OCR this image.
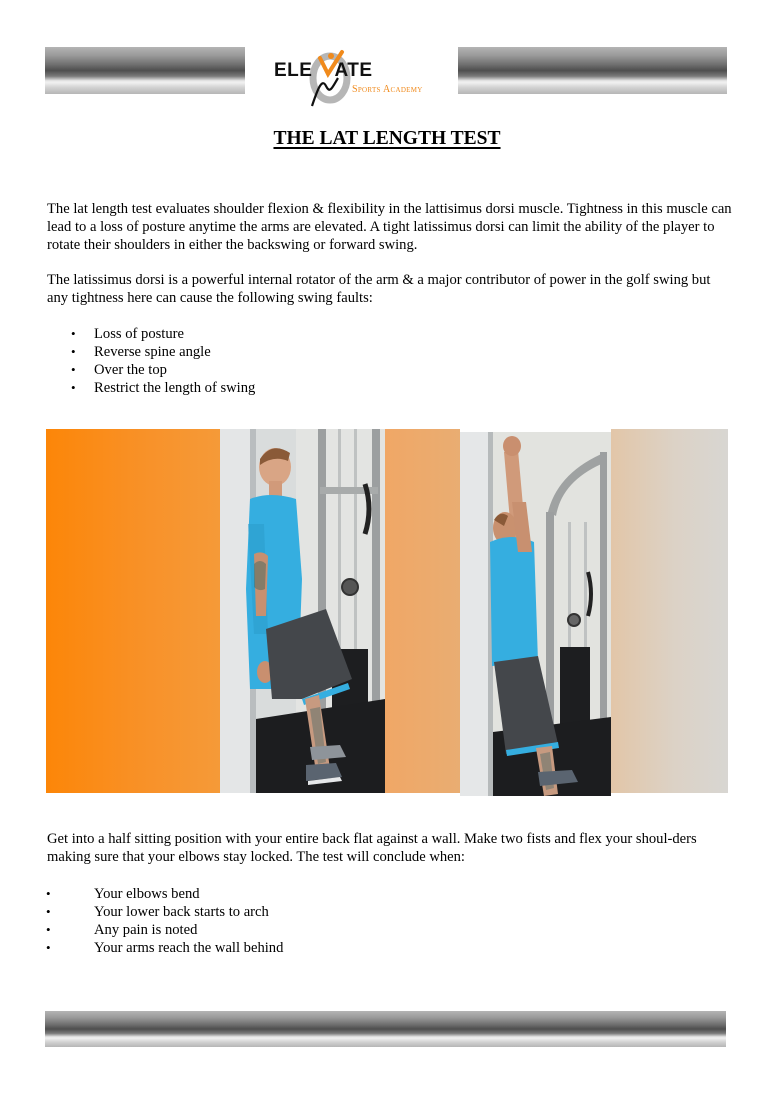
ELE ATE
Sports Academy
THE LAT LENGTH TEST
The lat length test evaluates shoulder flexion & flexibility in the lattisimus dorsi muscle. Tightness in this muscle can lead to a loss of posture anytime the arms are elevated. A tight latissimus dorsi can limit the ability of the player to rotate their shoulders in either the backswing or forward swing.
The latissimus dorsi is a powerful internal rotator of the arm & a major contributor of power in the golf swing but any tightness here can cause the following swing faults:
• Loss of posture
• Reverse spine angle
• Over the top
• Restrict the length of swing
Get into a half sitting position with your entire back flat against a wall. Make two fists and flex your shoul-ders making sure that your elbows stay locked. The test will conclude when:
•	Your elbows bend
•	Your lower back starts to arch
•	Any pain is noted
•	Your arms reach the wall behind
